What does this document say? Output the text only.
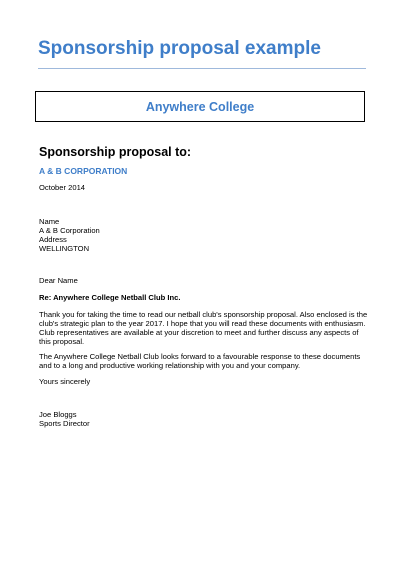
Sponsorship proposal example
Anywhere College
Sponsorship proposal to:
A & B CORPORATION
October 2014
Name
A & B Corporation
Address
WELLINGTON
Dear Name
Re: Anywhere College Netball Club Inc.
Thank you for taking the time to read our netball club's sponsorship proposal. Also enclosed is the
club's strategic plan to the year 2017. I hope that you will read these documents with enthusiasm.
Club representatives are available at your discretion to meet and further discuss any aspects of
this proposal.
The Anywhere College Netball Club looks forward to a favourable response to these documents
and to a long and productive working relationship with you and your company.
Yours sincerely
Joe Bloggs
Sports Director
